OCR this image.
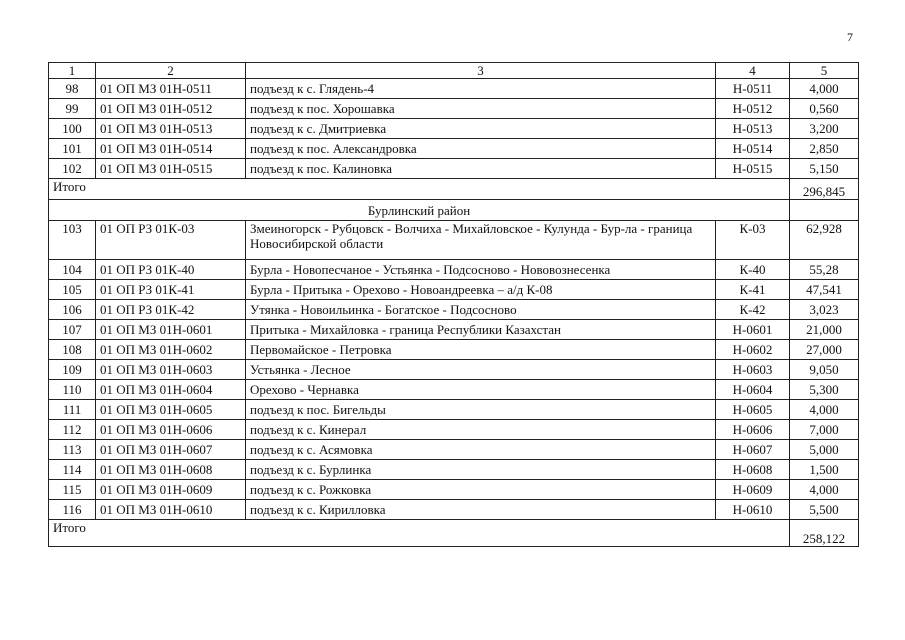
7
1	2	3	4	5
98	01 ОП МЗ 01Н-0511	подъезд к с. Глядень-4	Н-0511	4,000
99	01 ОП МЗ 01Н-0512	подъезд к пос. Хорошавка	Н-0512	0,560
100	01 ОП МЗ 01Н-0513	подъезд к с. Дмитриевка	Н-0513	3,200
101	01 ОП МЗ 01Н-0514	подъезд к пос. Александровка	Н-0514	2,850
102	01 ОП МЗ 01Н-0515	подъезд к пос. Калиновка	Н-0515	5,150
Итого				296,845
Бурлинский район				
103	01 ОП РЗ 01К-03	Змеиногорск - Рубцовск - Волчиха - Михайловское - Кулунда - Бур-ла - граница Новосибирской области	К-03	62,928
104	01 ОП РЗ 01К-40	Бурла - Новопесчаное - Устьянка - Подсосново - Нововознесенка	К-40	55,28
105	01 ОП РЗ 01К-41	Бурла - Притыка - Орехово - Новоандреевка – а/д К-08	К-41	47,541
106	01 ОП РЗ 01К-42	Утянка - Новоильинка - Богатское - Подсосново	К-42	3,023
107	01 ОП МЗ 01Н-0601	Притыка - Михайловка - граница Республики Казахстан	Н-0601	21,000
108	01 ОП МЗ 01Н-0602	Первомайское - Петровка	Н-0602	27,000
109	01 ОП МЗ 01Н-0603	Устьянка - Лесное	Н-0603	9,050
110	01 ОП МЗ 01Н-0604	Орехово - Чернавка	Н-0604	5,300
111	01 ОП МЗ 01Н-0605	подъезд к пос. Бигельды	Н-0605	4,000
112	01 ОП МЗ 01Н-0606	подъезд к с. Кинерал	Н-0606	7,000
113	01 ОП МЗ 01Н-0607	подъезд к с. Асямовка	Н-0607	5,000
114	01 ОП МЗ 01Н-0608	подъезд к с. Бурлинка	Н-0608	1,500
115	01 ОП МЗ 01Н-0609	подъезд к с. Рожковка	Н-0609	4,000
116	01 ОП МЗ 01Н-0610	подъезд к с. Кирилловка	Н-0610	5,500
Итого				258,122
